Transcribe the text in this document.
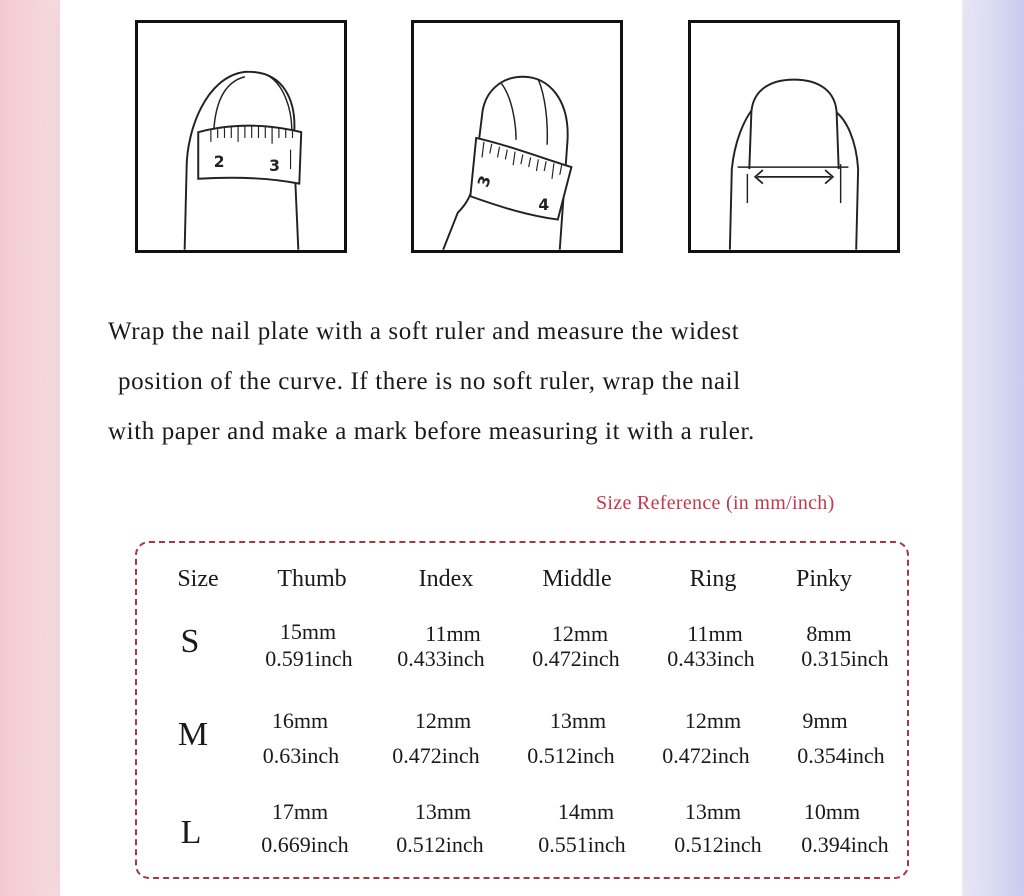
2	3
3
4
Wrap the nail plate with a soft ruler and measure the widest
position of the curve. If there is no soft ruler, wrap the nail
with paper and make a mark before measuring it with a ruler.
Size Reference (in mm/inch)
Size Thumb	Index	Middle	Ring Pinky
S	15mm	11mm	12mm	11mm	8mm
0.591inch 0.433inch 0.472inch 0.433inch 0.315inch
M	16mm	12mm	13mm	12mm	9mm
0.63inch 0.472inch 0.512inch 0.472inch 0.354inch
L
17mm	13mm	14mm	13mm	10mm
0.669inch 0.512inch 0.551inch 0.512inch 0.394inch
